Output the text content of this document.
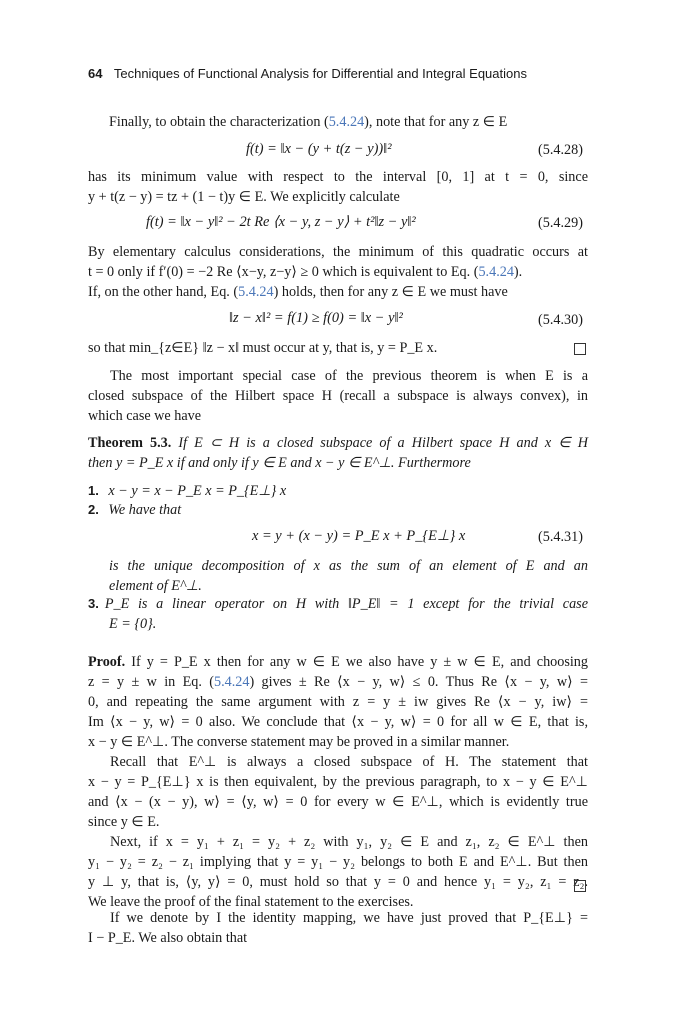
64 Techniques of Functional Analysis for Differential and Integral Equations
Finally, to obtain the characterization (5.4.24), note that for any z ∈ E
f(t) = ‖x − (y + t(z − y))‖²	(5.4.28)
has its minimum value with respect to the interval [0, 1] at t = 0, since
y + t(z − y) = tz + (1 − t)y ∈ E. We explicitly calculate
f(t) = ‖x − y‖² − 2t Re ⟨x − y, z − y⟩ + t²‖z − y‖²	(5.4.29)
By elementary calculus considerations, the minimum of this quadratic occurs at
t = 0 only if f′(0) = −2 Re ⟨x−y, z−y⟩ ≥ 0 which is equivalent to Eq. (5.4.24).
If, on the other hand, Eq. (5.4.24) holds, then for any z ∈ E we must have
‖z − x‖² = f(1) ≥ f(0) = ‖x − y‖²	(5.4.30)
so that min_{z∈E} ‖z − x‖ must occur at y, that is, y = P_E x.
The most important special case of the previous theorem is when E is a
closed subspace of the Hilbert space H (recall a subspace is always convex), in
which case we have
Theorem 5.3. If E ⊂ H is a closed subspace of a Hilbert space H and x ∈ H
then y = P_E x if and only if y ∈ E and x − y ∈ E^⊥. Furthermore
1. x − y = x − P_E x = P_{E⊥} x
2. We have that
x = y + (x − y) = P_E x + P_{E⊥} x	(5.4.31)
is the unique decomposition of x as the sum of an element of E and an
element of E^⊥.
3. P_E is a linear operator on H with ‖P_E‖ = 1 except for the trivial case
E = {0}.
Proof. If y = P_E x then for any w ∈ E we also have y ± w ∈ E, and choosing
z = y ± w in Eq. (5.4.24) gives ± Re ⟨x − y, w⟩ ≤ 0. Thus Re ⟨x − y, w⟩ =
0, and repeating the same argument with z = y ± iw gives Re ⟨x − y, iw⟩ =
Im ⟨x − y, w⟩ = 0 also. We conclude that ⟨x − y, w⟩ = 0 for all w ∈ E, that is,
x − y ∈ E^⊥. The converse statement may be proved in a similar manner.
Recall that E^⊥ is always a closed subspace of H. The statement that
x − y = P_{E⊥} x is then equivalent, by the previous paragraph, to x − y ∈ E^⊥
and ⟨x − (x − y), w⟩ = ⟨y, w⟩ = 0 for every w ∈ E^⊥, which is evidently true
since y ∈ E.
Next, if x = y₁ + z₁ = y₂ + z₂ with y₁, y₂ ∈ E and z₁, z₂ ∈ E^⊥ then
y₁ − y₂ = z₂ − z₁ implying that y = y₁ − y₂ belongs to both E and E^⊥. But then
y ⊥ y, that is, ⟨y, y⟩ = 0, must hold so that y = 0 and hence y₁ = y₂, z₁ = z₂.
We leave the proof of the final statement to the exercises.
If we denote by I the identity mapping, we have just proved that P_{E⊥} =
I − P_E. We also obtain that
